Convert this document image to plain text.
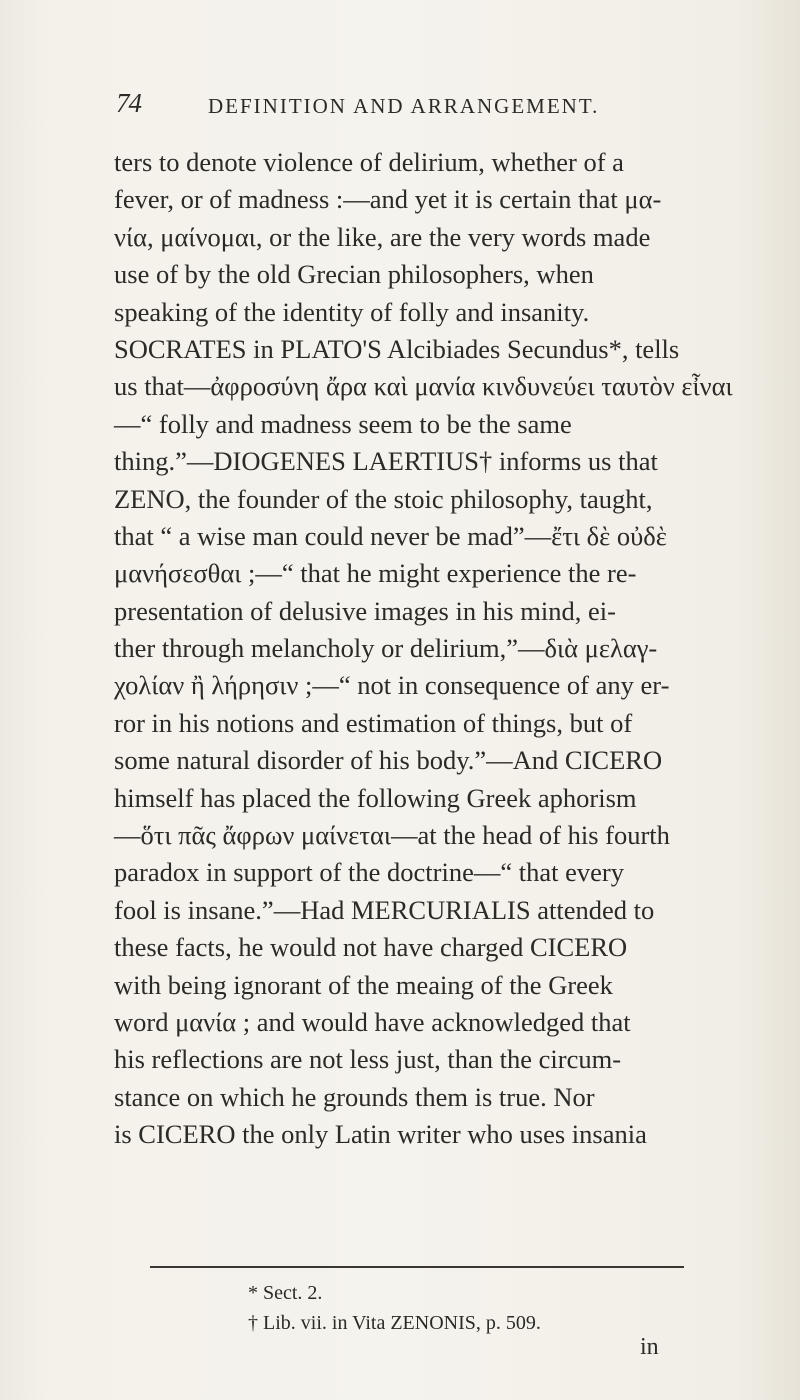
74	DEFINITION AND ARRANGEMENT.
ters to denote violence of delirium, whether of a
fever, or of madness :—and yet it is certain that μα-
νία, μαίνομαι, or the like, are the very words made
use of by the old Grecian philosophers, when
speaking of the identity of folly and insanity.
SOCRATES in PLATO'S Alcibiades Secundus*, tells
us that—ἀφροσύνη ἄρα καὶ μανία κινδυνεύει ταυτὸν εἶναι
—“ folly and madness seem to be the same
thing.”—DIOGENES LAERTIUS† informs us that
ZENO, the founder of the stoic philosophy, taught,
that “ a wise man could never be mad”—ἔτι δὲ οὐδὲ
μανήσεσθαι ;—“ that he might experience the re-
presentation of delusive images in his mind, ei-
ther through melancholy or delirium,”—διὰ μελαγ-
χολίαν ἢ λήρησιν ;—“ not in consequence of any er-
ror in his notions and estimation of things, but of
some natural disorder of his body.”—And CICERO
himself has placed the following Greek aphorism
—ὅτι πᾶς ἄφρων μαίνεται—at the head of his fourth
paradox in support of the doctrine—“ that every
fool is insane.”—Had MERCURIALIS attended to
these facts, he would not have charged CICERO
with being ignorant of the meaing of the Greek
word μανία ; and would have acknowledged that
his reflections are not less just, than the circum-
stance on which he grounds them is true. Nor
is CICERO the only Latin writer who uses insania
* Sect. 2.
† Lib. vii. in Vita ZENONIS, p. 509.
in
